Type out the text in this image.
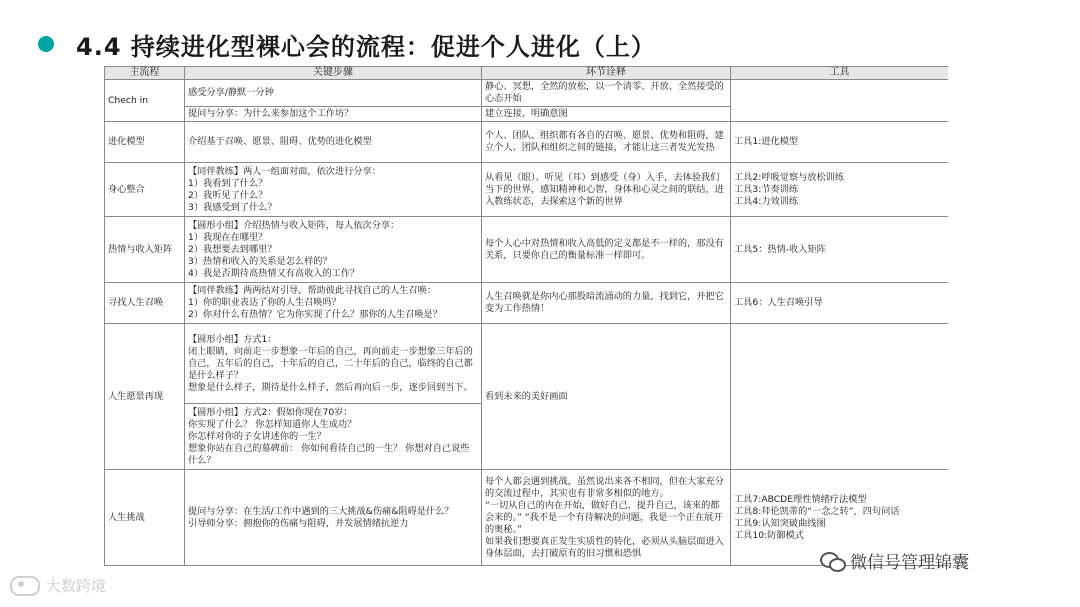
4.4 持续进化型裸心会的流程：促进个人进化（上）
主流程	关键步骤	环节诠释	工具
Chech in	感受分享/静默一分钟	静心、冥想，全然的放松，以一个清零、开放、全然接受的心态开始	

	提问与分享：为什么来参加这个工作坊？	建立连接，明确意图	

进化模型	介绍基于召唤、愿景、阻碍、优势的进化模型	个人、团队、组织都有各自的召唤、愿景、优势和阻碍，建立个人、团队和组织之间的链接，才能让这三者发光发热	工具1:进化模型

身心整合	【同伴教练】两人一组面对面，依次进行分享：
1）我看到了什么？
2）我听见了什么？
3）我感受到了什么？	从看见（眼）、听见（耳）到感受（身）入手，去体验我们当下的世界，感知精神和心智，身体和心灵之间的联结，进入教练状态，去探索这个新的世界	工具2:呼吸觉察与放松训练
工具3:节奏训练
工具4:力效训练

热情与收入矩阵	【圆形小组】介绍热情与收入矩阵，每人依次分享：
1）我现在在哪里？
2）我想要去到哪里？
3）热情和收入的关系是怎么样的？
4）我是否期待高热情又有高收入的工作？	每个人心中对热情和收入高低的定义都是不一样的，那没有关系，只要你自己的衡量标准一样即可。	工具5：热情-收入矩阵

寻找人生召唤	【同伴教练】两两结对引导，帮助彼此寻找自己的人生召唤：
1）你的职业表达了你的人生召唤吗？
2）你对什么有热情？它为你实现了什么？那你的人生召唤是？	人生召唤就是你内心那股暗流涌动的力量，找到它，并把它变为工作热情！	工具6：人生召唤引导

人生愿景再现	【圆形小组】方式1：
闭上眼睛，向前走一步想象一年后的自己，再向前走一步想象三年后的自己，五年后的自己，十年后的自己，二十年后的自己，临终的自己都是什么样子？
想象是什么样子，期待是什么样子，然后再向后一步，逐步回到当下。	看到未来的美好画面	

	【圆形小组】方式2：假如你现在70岁：
你实现了什么？ 你怎样知道你人生成功？
你怎样对你的子女讲述你的一生？
想象你站在自己的墓碑前： 你如何看待自己的一生？ 你想对自己说些什么？		

人生挑战	提问与分享：在生活/工作中遇到的三大挑战&伤痛&阻碍是什么？
引导师分享：拥抱你的伤痛与阻碍，并发展情绪抗逆力	每个人都会遇到挑战，虽然说出来各不相同，但在大家充分的交流过程中，其实也有非常多相似的地方。
“一切从自己的内在开始，做好自己，提升自己，该来的都会来的。” “我不是一个有待解决的问题，我是一个正在展开的奥秘。”
如果我们想要真正发生实质性的转化，必须从头脑层面进入身体层面，去打破原有的旧习惯和恐惧	工具7:ABCDE理性情绪疗法模型
工具8:拜伦凯蒂的“一念之转”，四句问话
工具9:认知突破曲线图
工具10:防御模式
大数跨境
微信号管理锦囊
